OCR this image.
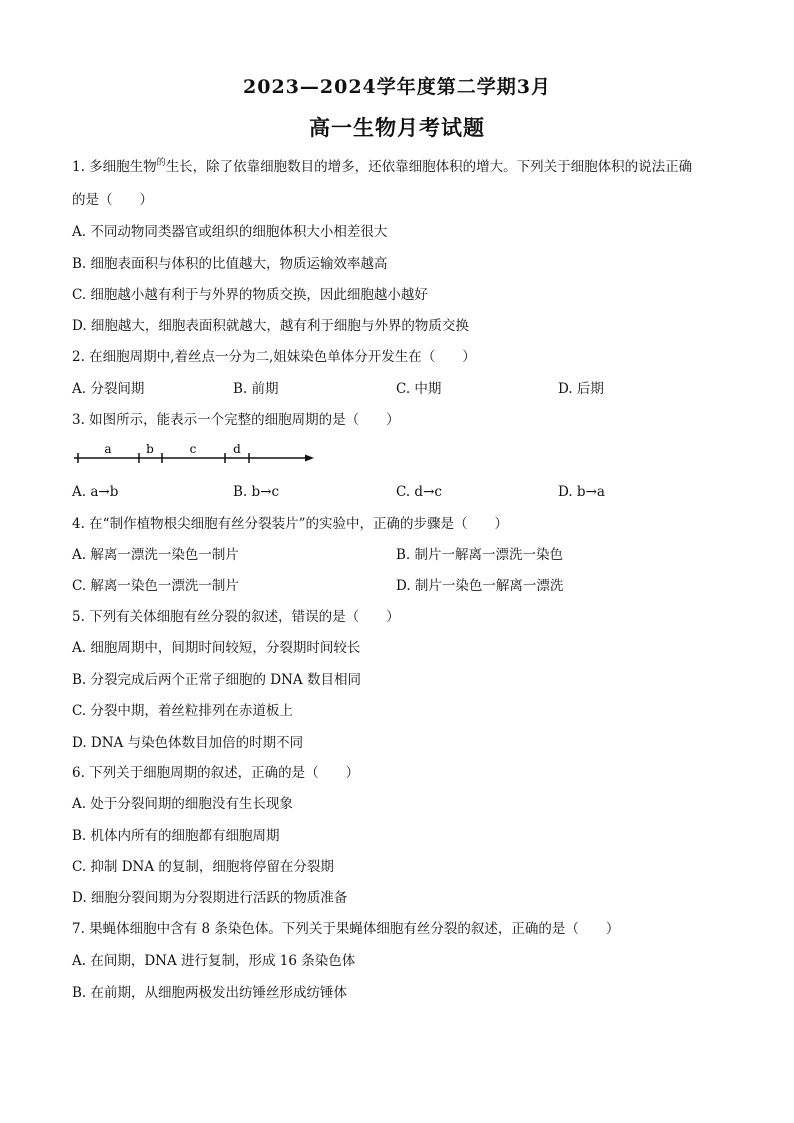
2023—2024学年度第二学期3月
高一生物月考试题
1. 多细胞生物$^的$生长，除了依靠细胞数目的增多，还依靠细胞体积的增大。下列关于细胞体积的说法正确
的是（　　）
A. 不同动物同类器官或组织的细胞体积大小相差很大
B. 细胞表面积与体积的比值越大，物质运输效率越高
C. 细胞越小越有利于与外界的物质交换，因此细胞越小越好
D. 细胞越大，细胞表面积就越大，越有利于细胞与外界的物质交换
2. 在细胞周期中,着丝点一分为二,姐妹染色单体分开发生在（　　）
A. 分裂间期	B. 前期	C. 中期	D. 后期
3. 如图所示，能表示一个完整的细胞周期的是（　　）
a	b	c	d
A. a→b	B. b→c	C. d→c	D. b→a
4. 在“制作植物根尖细胞有丝分裂装片”的实验中，正确的步骤是（　　）
A. 解离一漂洗一染色一制片	B. 制片一解离一漂洗一染色
C. 解离一染色一漂洗一制片	D. 制片一染色一解离一漂洗
5. 下列有关体细胞有丝分裂的叙述，错误的是（　　）
A. 细胞周期中，间期时间较短，分裂期时间较长
B. 分裂完成后两个正常子细胞的 DNA 数目相同
C. 分裂中期，着丝粒排列在赤道板上
D. DNA 与染色体数目加倍的时期不同
6. 下列关于细胞周期的叙述，正确的是（　　）
A. 处于分裂间期的细胞没有生长现象
B. 机体内所有的细胞都有细胞周期
C. 抑制 DNA 的复制，细胞将停留在分裂期
D. 细胞分裂间期为分裂期进行活跃的物质准备
7. 果蝇体细胞中含有 8 条染色体。下列关于果蝇体细胞有丝分裂的叙述，正确的是（　　）
A. 在间期，DNA 进行复制，形成 16 条染色体
B. 在前期，从细胞两极发出纺锤丝形成纺锤体
